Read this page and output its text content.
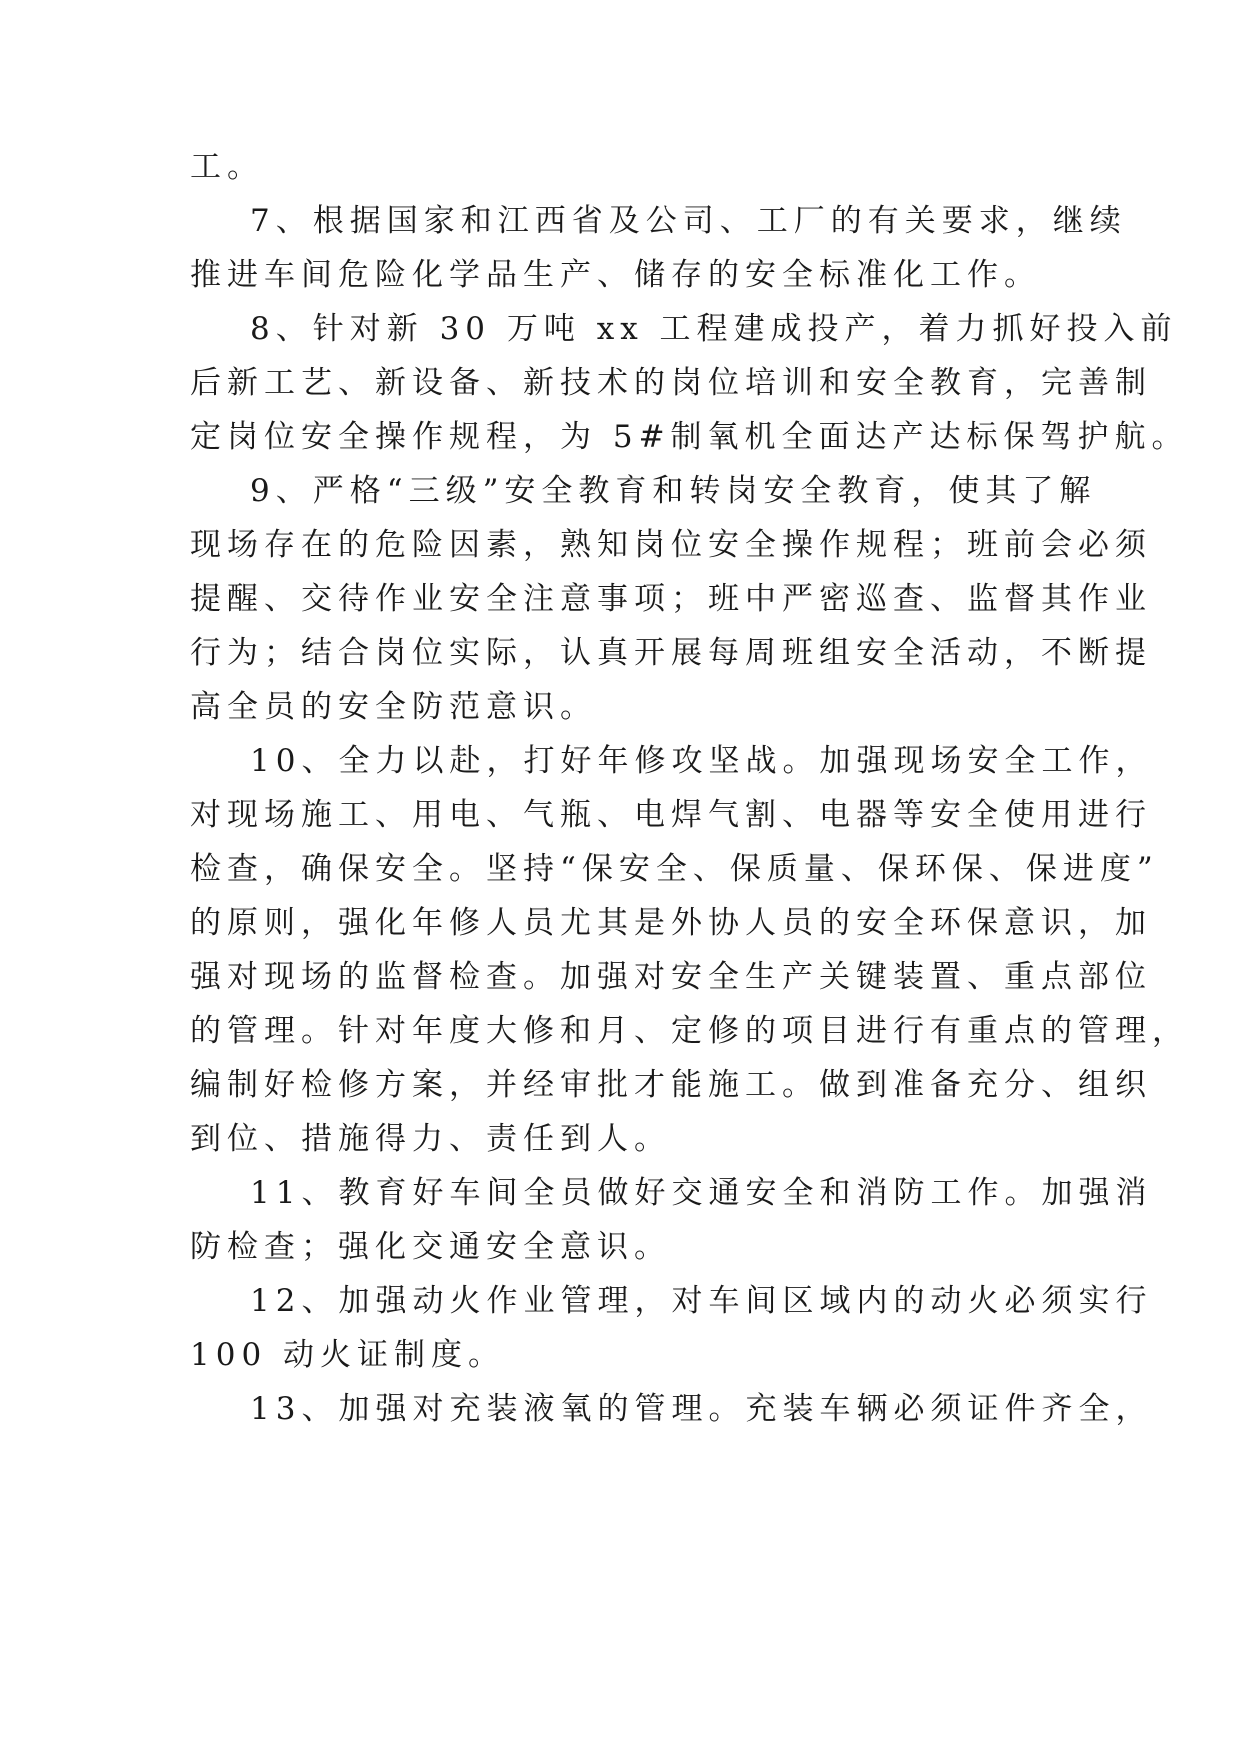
工。
7、根据国家和江西省及公司、工厂的有关要求，继续
推进车间危险化学品生产、储存的安全标准化工作。
8、针对新 30 万吨 xx 工程建成投产，着力抓好投入前
后新工艺、新设备、新技术的岗位培训和安全教育，完善制
定岗位安全操作规程，为 5#制氧机全面达产达标保驾护航。
9、严格“三级”安全教育和转岗安全教育，使其了解
现场存在的危险因素，熟知岗位安全操作规程；班前会必须
提醒、交待作业安全注意事项；班中严密巡查、监督其作业
行为；结合岗位实际，认真开展每周班组安全活动，不断提
高全员的安全防范意识。
10、全力以赴，打好年修攻坚战。加强现场安全工作，
对现场施工、用电、气瓶、电焊气割、电器等安全使用进行
检查，确保安全。坚持“保安全、保质量、保环保、保进度”
的原则，强化年修人员尤其是外协人员的安全环保意识，加
强对现场的监督检查。加强对安全生产关键装置、重点部位
的管理。针对年度大修和月、定修的项目进行有重点的管理，
编制好检修方案，并经审批才能施工。做到准备充分、组织
到位、措施得力、责任到人。
11、教育好车间全员做好交通安全和消防工作。加强消
防检查；强化交通安全意识。
12、加强动火作业管理，对车间区域内的动火必须实行
100 动火证制度。
13、加强对充装液氧的管理。充装车辆必须证件齐全，
